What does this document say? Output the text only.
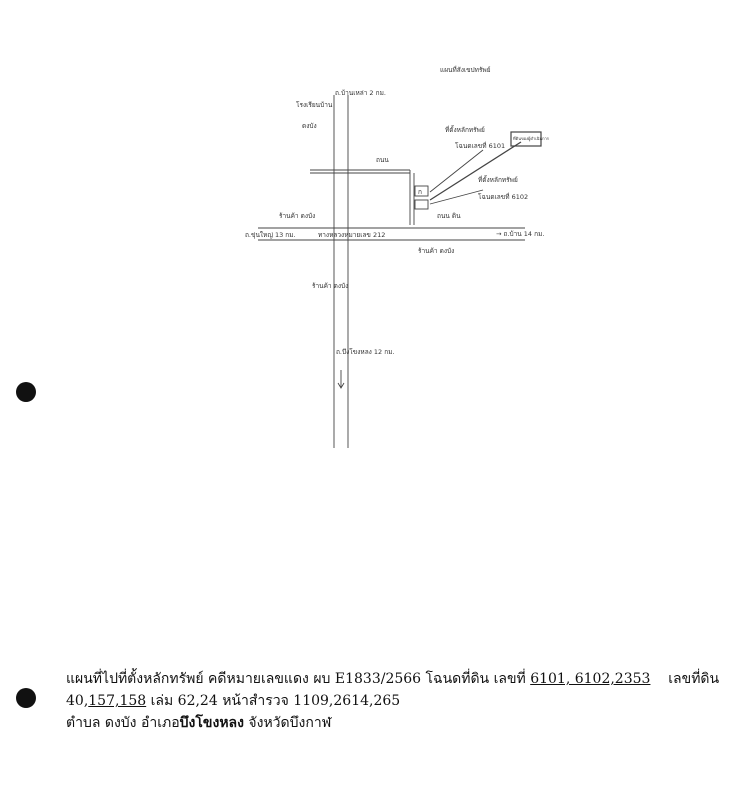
แผนที่สังเขปทรัพย์
ถ.บ้านเหล่า 2 กม.
โรงเรียนบ้าน
ดงบัง
ถนน
ที่ตั้งหลักทรัพย์
โฉนดเลขที่ 6101
ที่ตั้งหลักทรัพย์
โฉนดเลขที่ 6102
ร้านค้า ดงบัง	ถนน ดิน
ถ.ขุ่นใหญ่ 13 กม.	ทางหลวงหมายเลข 212	→ ถ.บ้าน 14 กม.
ร้านค้า ดงบัง
ร้านค้า ดงบัง
ถ.บึงโขงหลง 12 กม.
ก
ที่ดินของผู้ดำเนินการ
แผนที่ไปที่ตั้งหลักทรัพย์ คดีหมายเลขแดง ผบ E1833/2566 โฉนดที่ดิน เลขที่ 6101, 6102,2353 เลขที่ดิน
40,157,158 เล่ม 62,24 หน้าสำรวจ 1109,2614,265
ตำบล ดงบัง อำเภอบึงโขงหลง จังหวัดบึงกาฬ
